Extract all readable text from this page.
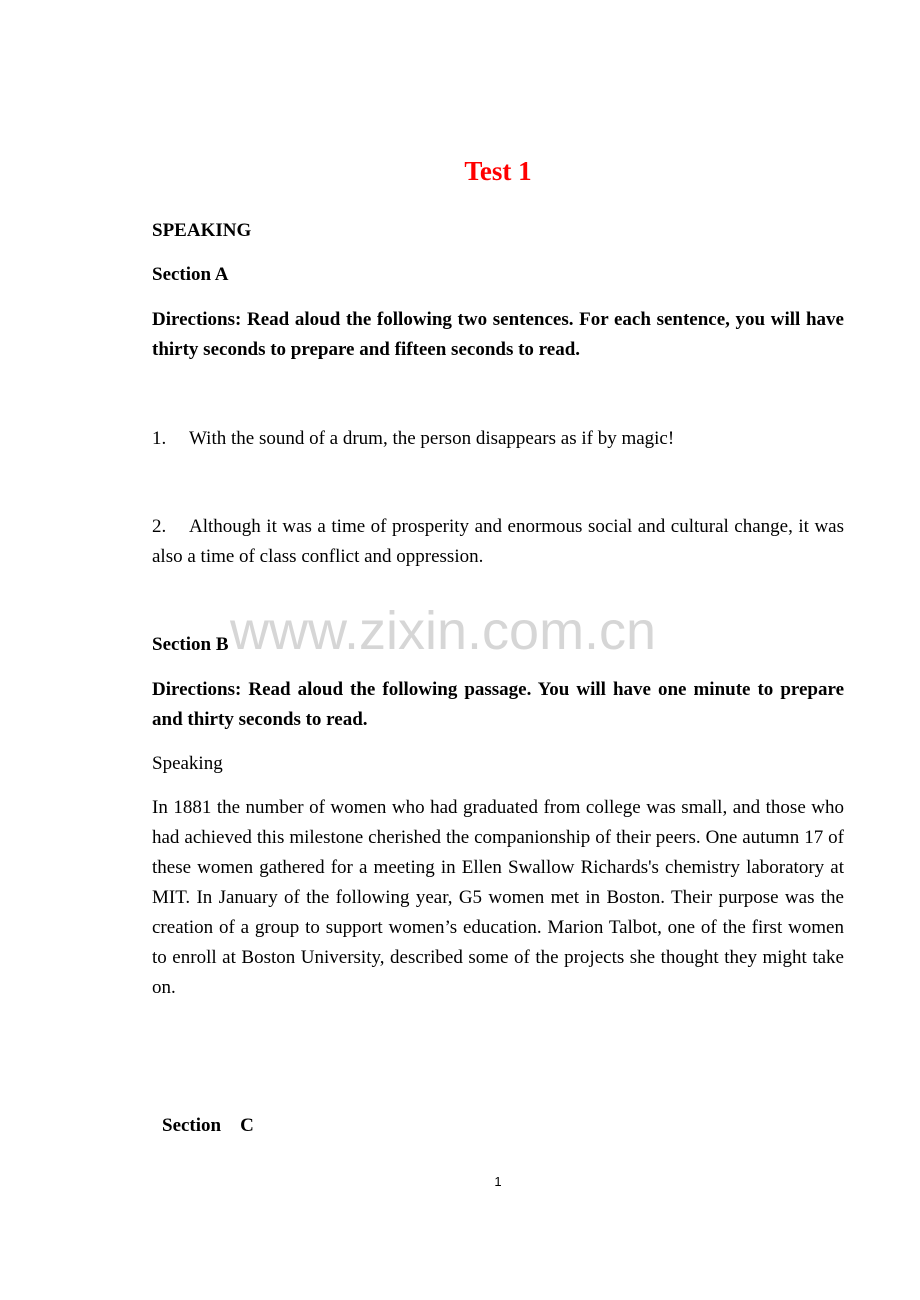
Test 1
SPEAKING
Section A
Directions: Read aloud the following two sentences. For each sentence, you will have thirty seconds to prepare and fifteen seconds to read.
1. With the sound of a drum, the person disappears as if by magic!
2. Although it was a time of prosperity and enormous social and cultural change, it was also a time of class conflict and oppression.
www.zixin.com.cn
Section B
Directions: Read aloud the following passage. You will have one minute to prepare and thirty seconds to read.
Speaking
In 1881 the number of women who had graduated from college was small, and those who had achieved this milestone cherished the companionship of their peers. One autumn 17 of these women gathered for a meeting in Ellen Swallow Richards's chemistry laboratory at MIT. In January of the following year, G5 women met in Boston. Their purpose was the creation of a group to support women’s education. Marion Talbot, one of the first women to enroll at Boston University, described some of the projects she thought they might take on.
Section　C
1
